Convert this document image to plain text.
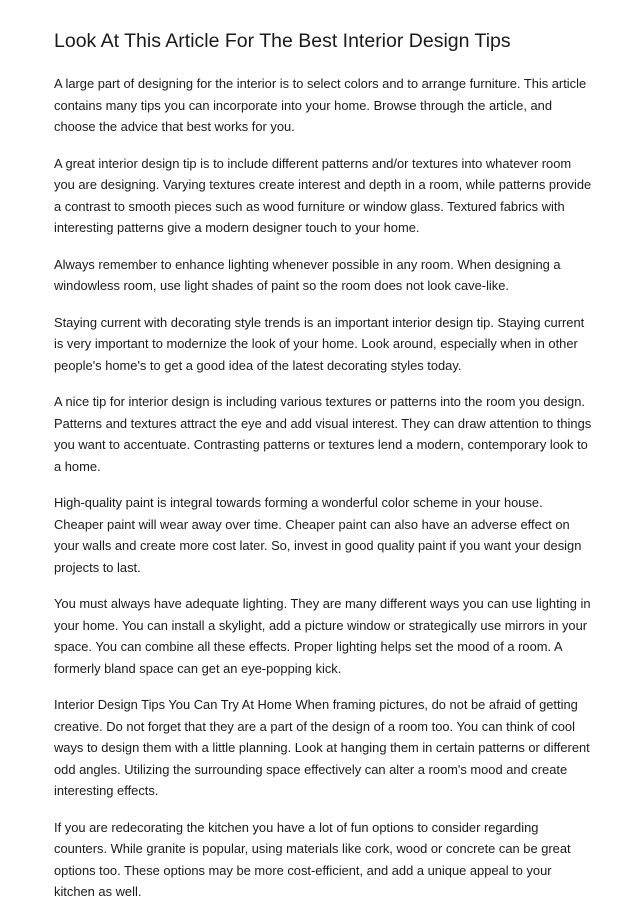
Look At This Article For The Best Interior Design Tips

A large part of designing for the interior is to select colors and to arrange furniture. This article contains many tips you can incorporate into your home. Browse through the article, and choose the advice that best works for you.

A great interior design tip is to include different patterns and/or textures into whatever room you are designing. Varying textures create interest and depth in a room, while patterns provide a contrast to smooth pieces such as wood furniture or window glass. Textured fabrics with interesting patterns give a modern designer touch to your home.

Always remember to enhance lighting whenever possible in any room. When designing a windowless room, use light shades of paint so the room does not look cave-like.

Staying current with decorating style trends is an important interior design tip. Staying current is very important to modernize the look of your home. Look around, especially when in other people's home's to get a good idea of the latest decorating styles today.

A nice tip for interior design is including various textures or patterns into the room you design. Patterns and textures attract the eye and add visual interest. They can draw attention to things you want to accentuate. Contrasting patterns or textures lend a modern, contemporary look to a home.

High-quality paint is integral towards forming a wonderful color scheme in your house. Cheaper paint will wear away over time. Cheaper paint can also have an adverse effect on your walls and create more cost later. So, invest in good quality paint if you want your design projects to last.

You must always have adequate lighting. They are many different ways you can use lighting in your home. You can install a skylight, add a picture window or strategically use mirrors in your space. You can combine all these effects. Proper lighting helps set the mood of a room. A formerly bland space can get an eye-popping kick.

Interior Design Tips You Can Try At Home When framing pictures, do not be afraid of getting creative. Do not forget that they are a part of the design of a room too. You can think of cool ways to design them with a little planning. Look at hanging them in certain patterns or different odd angles. Utilizing the surrounding space effectively can alter a room's mood and create interesting effects.

If you are redecorating the kitchen you have a lot of fun options to consider regarding counters. While granite is popular, using materials like cork, wood or concrete can be great options too. These options may be more cost-efficient, and add a unique appeal to your kitchen as well.
